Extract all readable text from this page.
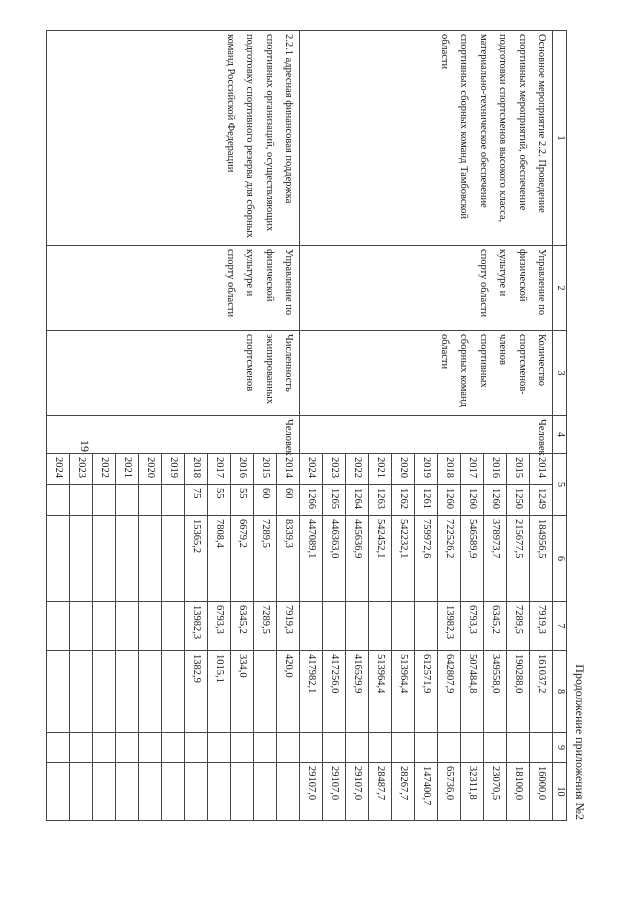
19
Продолжение приложения №2
1	2	3	4	5		6	7	8	9	10
Основное мероприятие 2.2. Проведение спортивных мероприятий, обеспечение подготовки спортсменов высокого класса, материально-техническое обеспечение спортивных сборных команд Тамбовской области	Управление по физической культуре и спорту области	Количество спортсменов-членов спортивных сборных команд области	Человек	2014	1249	184956,5	7919,3	161037,2		16000,0
				2015	1250	215677,5	7289,5	190288,0		18100,0
				2016	1260	378973,7	6345,2	349558,0		23070,5
				2017	1260	546589,9	6793,3	507484,8		32311,8
				2018	1260	722526,2	13982,3	642807,9		65736,0
				2019	1261	759972,6		612571,9		147400,7
				2020	1262	542232,1		513964,4		28267,7
				2021	1263	542452,1		513964,4		28487,7
				2022	1264	445636,9		416529,9		29107,0
				2023	1265	446363,0		417256,0		29107,0
				2024	1266	447089,1		417982,1		29107,0
2.2.1 адресная финансовая поддержка спортивных организаций, осуществляющих подготовку спортивного резерва для сборных команд Российской Федерации	Управление по физической культуре и спорту области	Численность экипированных спортсменов	Человек	2014	60	8339,3	7919,3	420,0		
				2015	60	7289,5	7289,5			
				2016	55	6679,2	6345,2	334,0		
				2017	55	7808,4	6793,3	1015,1		
				2018	75	15365,2	13982,3	1382,9		
				2019						
				2020						
				2021						
				2022						
				2023						
				2024						
